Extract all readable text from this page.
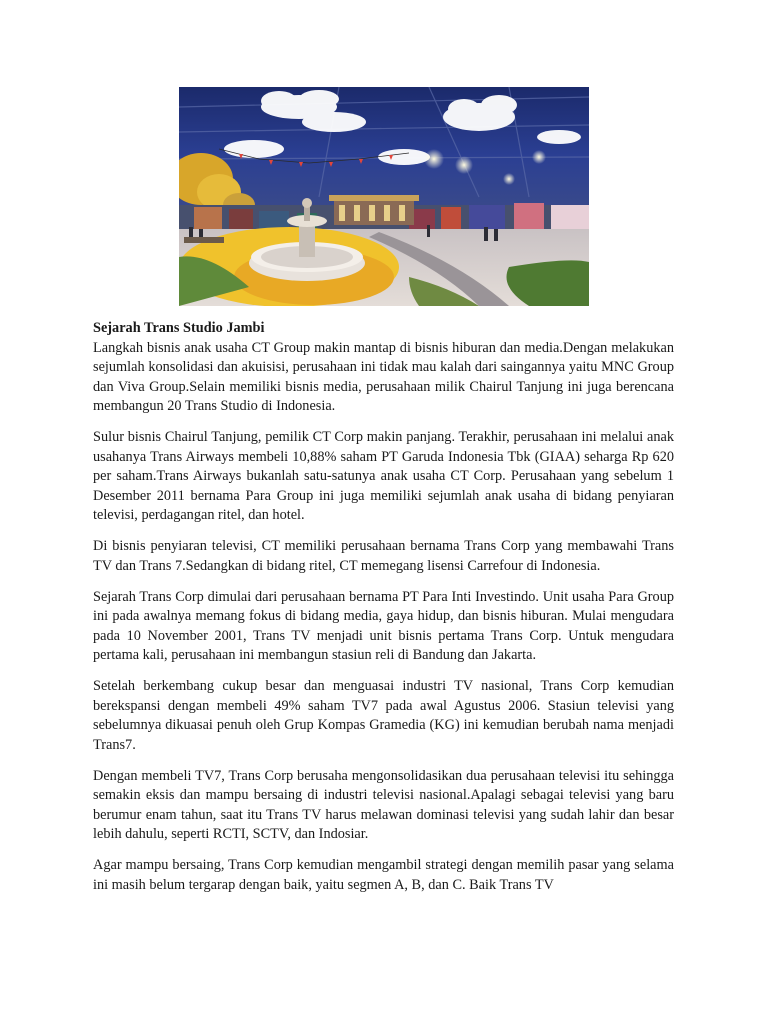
Sejarah Trans Studio Jambi

Langkah bisnis anak usaha CT Group makin mantap di bisnis hiburan dan media.Dengan melakukan sejumlah konsolidasi dan akuisisi, perusahaan ini tidak mau kalah dari saingannya yaitu MNC Group dan Viva Group.Selain memiliki bisnis media, perusahaan milik Chairul Tanjung ini juga berencana membangun 20 Trans Studio di Indonesia.

Sulur bisnis Chairul Tanjung, pemilik CT Corp makin panjang. Terakhir, perusahaan ini melalui anak usahanya Trans Airways membeli 10,88% saham PT Garuda Indonesia Tbk (GIAA) seharga Rp 620 per saham.Trans Airways bukanlah satu-satunya anak usaha CT Corp. Perusahaan yang sebelum 1 Desember 2011 bernama Para Group ini juga memiliki sejumlah anak usaha di bidang penyiaran televisi, perdagangan ritel, dan hotel.

Di bisnis penyiaran televisi, CT memiliki perusahaan bernama Trans Corp yang membawahi Trans TV dan Trans 7.Sedangkan di bidang ritel, CT memegang lisensi Carrefour di Indonesia.

Sejarah Trans Corp dimulai dari perusahaan bernama PT Para Inti Investindo. Unit usaha Para Group ini pada awalnya memang fokus di bidang media, gaya hidup, dan bisnis hiburan. Mulai mengudara pada 10 November 2001, Trans TV menjadi unit bisnis pertama Trans Corp. Untuk mengudara pertama kali, perusahaan ini membangun stasiun reli di Bandung dan Jakarta.

Setelah berkembang cukup besar dan menguasai industri TV nasional, Trans Corp kemudian berekspansi dengan membeli 49% saham TV7 pada awal Agustus 2006. Stasiun televisi yang sebelumnya dikuasai penuh oleh Grup Kompas Gramedia (KG) ini kemudian berubah nama menjadi Trans7.

Dengan membeli TV7, Trans Corp berusaha mengonsolidasikan dua perusahaan televisi itu sehingga semakin eksis dan mampu bersaing di industri televisi nasional.Apalagi sebagai televisi yang baru berumur enam tahun, saat itu Trans TV harus melawan dominasi televisi yang sudah lahir dan besar lebih dahulu, seperti RCTI, SCTV, dan Indosiar.

Agar mampu bersaing, Trans Corp kemudian mengambil strategi dengan memilih pasar yang selama ini masih belum tergarap dengan baik, yaitu segmen A, B, dan C. Baik Trans TV
